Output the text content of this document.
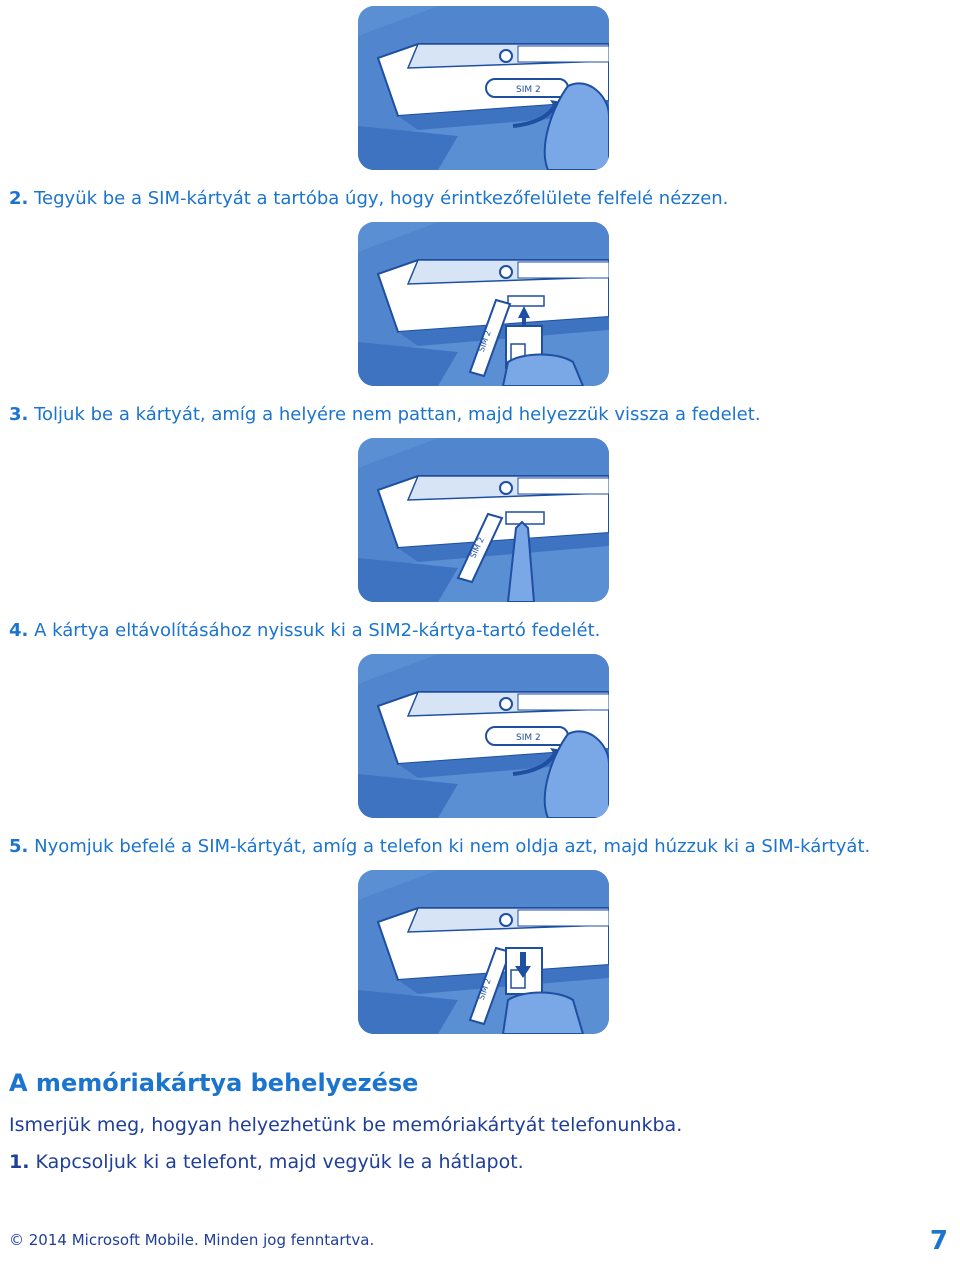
SIM 2

2. Tegyük be a SIM-kártyát a tartóba úgy, hogy érintkezőfelülete felfelé nézzen.

SIM 2

3. Toljuk be a kártyát, amíg a helyére nem pattan, majd helyezzük vissza a fedelet.

SIM 2

4. A kártya eltávolításához nyissuk ki a SIM2-kártya-tartó fedelét.

SIM 2

5. Nyomjuk befelé a SIM-kártyát, amíg a telefon ki nem oldja azt, majd húzzuk ki a SIM-kártyát.

SIM 2
A memóriakártya behelyezése

Ismerjük meg, hogyan helyezhetünk be memóriakártyát telefonunkba.

1. Kapcsoljuk ki a telefont, majd vegyük le a hátlapot.

© 2014 Microsoft Mobile. Minden jog fenntartva.	7
